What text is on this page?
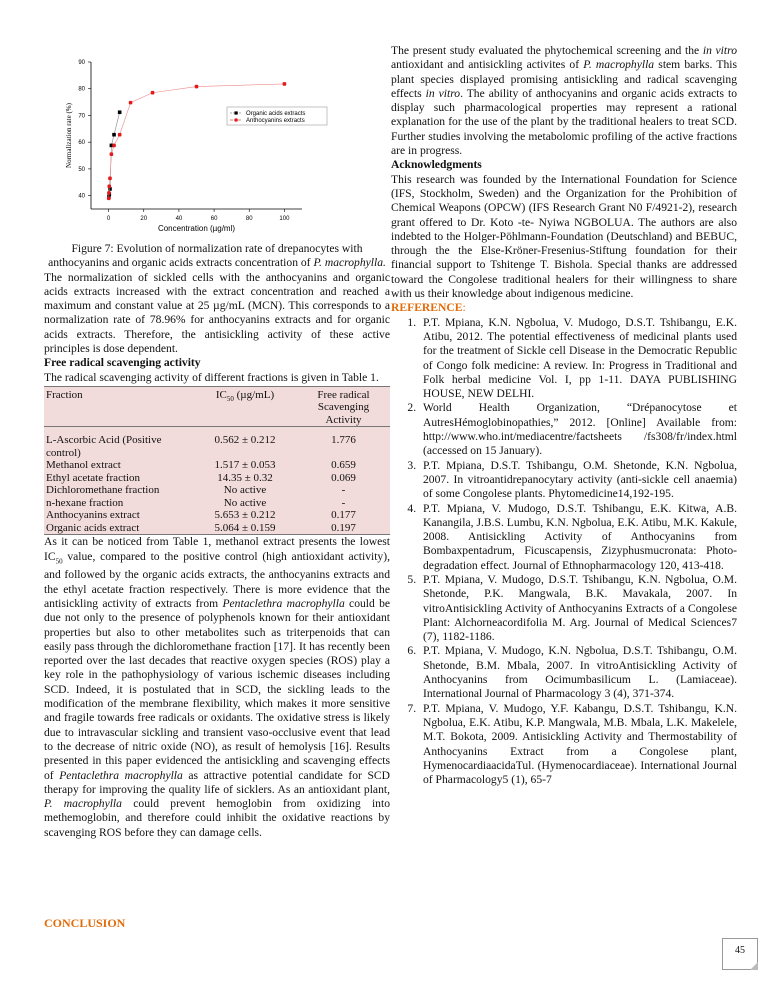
0	20	40	60	80	100
40
50
60
70
80
90
Concentration (µg/ml)
Normalization rate (%)	Organic acids extracts
Anthocyanins extracts

Figure 7: Evolution of normalization rate of drepanocytes with anthocyanins and organic acids extracts concentration of P. macrophylla.

The normalization of sickled cells with the anthocyanins and organic acids extracts increased with the extract concentration and reached a maximum and constant value at 25 µg/mL (MCN). This corresponds to a normalization rate of 78.96% for anthocyanins extracts and for organic acids extracts. Therefore, the antisickling activity of these active principles is dose dependent.

Free radical scavenging activity

The radical scavenging activity of different fractions is given in Table 1.

Fraction	$IC_{50}$ (µg/mL)	Free radical Scavenging Activity
L-Ascorbic Acid (Positive control)	0.562 ± 0.212	1.776
Methanol extract	1.517 ± 0.053	0.659
Ethyl acetate fraction	14.35 ± 0.32	0.069
Dichloromethane fraction	No active	-
n-hexane fraction	No active	-
Anthocyanins extract	5.653 ± 0.212	0.177
Organic acids extract	5.064 ± 0.159	0.197

As it can be noticed from Table 1, methanol extract presents the lowest $IC_{50}$ value, compared to the positive control (high antioxidant activity), and followed by the organic acids extracts, the anthocyanins extracts and the ethyl acetate fraction respectively. There is more evidence that the antisickling activity of extracts from Pentaclethra macrophylla could be due not only to the presence of polyphenols known for their antioxidant properties but also to other metabolites such as triterpenoids that can easily pass through the dichloromethane fraction [17]. It has recently been reported over the last decades that reactive oxygen species (ROS) play a key role in the pathophysiology of various ischemic diseases including SCD. Indeed, it is postulated that in SCD, the sickling leads to the modification of the membrane flexibility, which makes it more sensitive and fragile towards free radicals or oxidants. The oxidative stress is likely due to intravascular sickling and transient vaso-occlusive event that lead to the decrease of nitric oxide (NO), as result of hemolysis [16]. Results presented in this paper evidenced the antisickling and scavenging effects of Pentaclethra macrophylla as attractive potential candidate for SCD therapy for improving the quality life of sicklers. As an antioxidant plant, P. macrophylla could prevent hemoglobin from oxidizing into methemoglobin, and therefore could inhibit the oxidative reactions by scavenging ROS before they can damage cells.

CONCLUSION

The present study evaluated the phytochemical screening and the in vitro antioxidant and antisickling activites of P. macrophylla stem barks. This plant species displayed promising antisickling and radical scavenging effects in vitro. The ability of anthocyanins and organic acids extracts to display such pharmacological properties may represent a rational explanation for the use of the plant by the traditional healers to treat SCD. Further studies involving the metabolomic profiling of the active fractions are in progress.

Acknowledgments

This research was founded by the International Foundation for Science (IFS, Stockholm, Sweden) and the Organization for the Prohibition of Chemical Weapons (OPCW) (IFS Research Grant N0 F/4921-2), research grant offered to Dr. Koto -te- Nyiwa NGBOLUA. The authors are also indebted to the Holger-Pöhlmann-Foundation (Deutschland) and BEBUC, through the the Else-Kröner-Fresenius-Stiftung foundation for their financial support to Tshitenge T. Bishola. Special thanks are addressed toward the Congolese traditional healers for their willingness to share with us their knowledge about indigenous medicine.

REFERENCE:
1. P.T. Mpiana, K.N. Ngbolua, V. Mudogo, D.S.T. Tshibangu, E.K. Atibu, 2012. The potential effectiveness of medicinal plants used for the treatment of Sickle cell Disease in the Democratic Republic of Congo folk medicine: A review. In: Progress in Traditional and Folk herbal medicine Vol. I, pp 1-11. DAYA PUBLISHING HOUSE, NEW DELHI.
2. World Health Organization, “Drépanocytose et AutresHémoglobinopathies,” 2012. [Online] Available from: http://www.who.int/mediacentre/factsheets /fs308/fr/index.html (accessed on 15 January).
3. P.T. Mpiana, D.S.T. Tshibangu, O.M. Shetonde, K.N. Ngbolua, 2007. In vitroantidrepanocytary activity (anti-sickle cell anaemia) of some Congolese plants. Phytomedicine14,192-195.
4. P.T. Mpiana, V. Mudogo, D.S.T. Tshibangu, E.K. Kitwa, A.B. Kanangila, J.B.S. Lumbu, K.N. Ngbolua, E.K. Atibu, M.K. Kakule, 2008. Antisickling Activity of Anthocyanins from Bombaxpentadrum, Ficuscapensis, Zizyphusmucronata: Photo-degradation effect. Journal of Ethnopharmacology 120, 413-418.
5. P.T. Mpiana, V. Mudogo, D.S.T. Tshibangu, K.N. Ngbolua, O.M. Shetonde, P.K. Mangwala, B.K. Mavakala, 2007. In vitroAntisickling Activity of Anthocyanins Extracts of a Congolese Plant: Alchorneacordifolia M. Arg. Journal of Medical Sciences7 (7), 1182-1186.
6. P.T. Mpiana, V. Mudogo, K.N. Ngbolua, D.S.T. Tshibangu, O.M. Shetonde, B.M. Mbala, 2007. In vitroAntisickling Activity of Anthocyanins from Ocimumbasilicum L. (Lamiaceae). International Journal of Pharmacology 3 (4), 371-374.
7. P.T. Mpiana, V. Mudogo, Y.F. Kabangu, D.S.T. Tshibangu, K.N. Ngbolua, E.K. Atibu, K.P. Mangwala, M.B. Mbala, L.K. Makelele, M.T. Bokota, 2009. Antisickling Activity and Thermostability of Anthocyanins Extract from a Congolese plant, HymenocardiaacidaTul. (Hymenocardiaceae). International Journal of Pharmacology5 (1), 65-7
45
